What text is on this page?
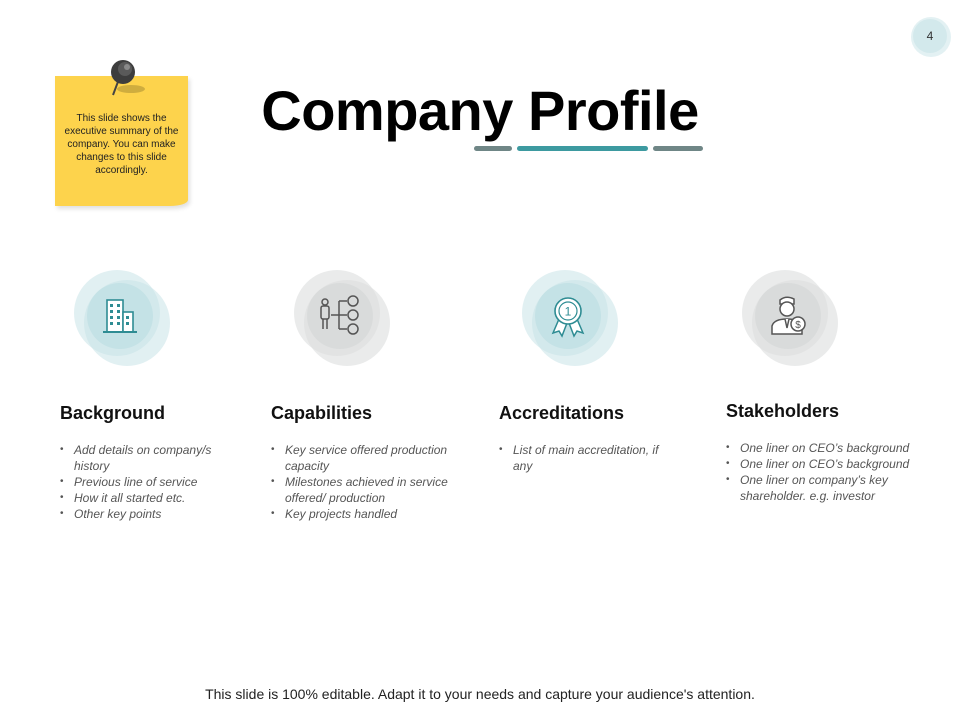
4
This slide shows the executive summary of the company. You can make changes to this slide accordingly.
Company Profile
Background
• Add details on company/s history
• Previous line of service
• How it all started etc.
• Other key points
Capabilities
• Key service offered production capacity
• Milestones achieved in service offered/ production
• Key projects handled
1
Accreditations
• List of main accreditation, if any
$
Stakeholders
• One liner on CEO’s background
• One liner on CEO’s background
• One liner on company’s key shareholder. e.g. investor
This slide is 100% editable. Adapt it to your needs and capture your audience's attention.
